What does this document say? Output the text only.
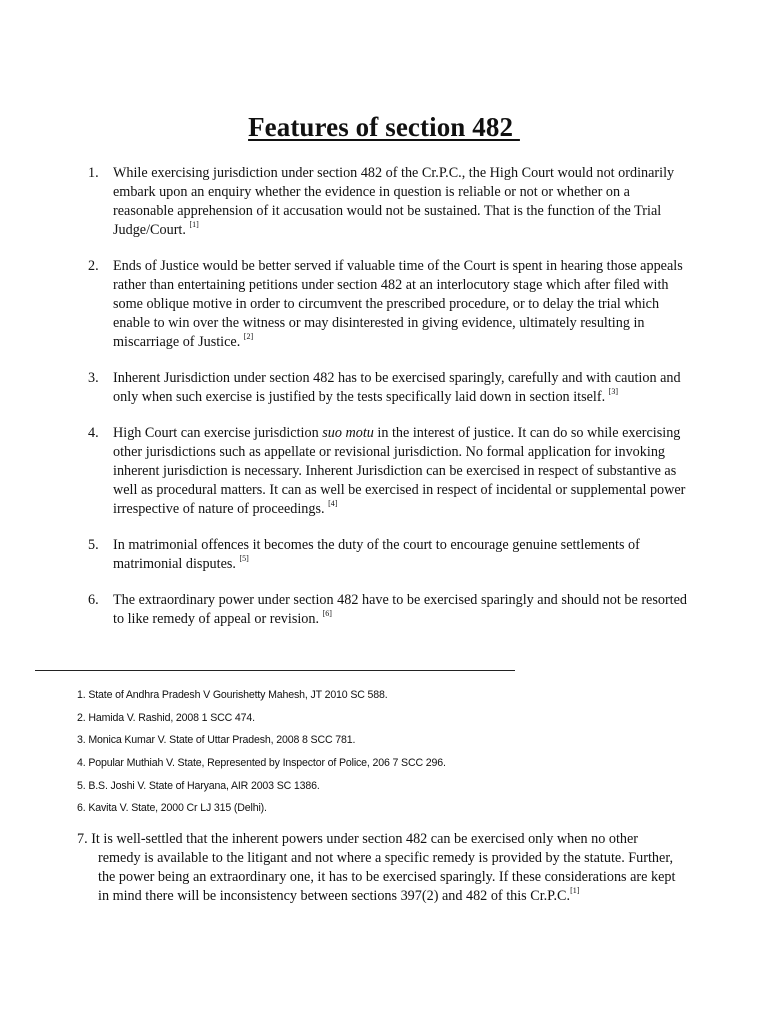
Features of section 482
1. While exercising jurisdiction under section 482 of the Cr.P.C., the High Court would not ordinarily embark upon an enquiry whether the evidence in question is reliable or not or whether on a reasonable apprehension of it accusation would not be sustained. That is the function of the Trial Judge/Court. [1]
2. Ends of Justice would be better served if valuable time of the Court is spent in hearing those appeals rather than entertaining petitions under section 482 at an interlocutory stage which after filed with some oblique motive in order to circumvent the prescribed procedure, or to delay the trial which enable to win over the witness or may disinterested in giving evidence, ultimately resulting in miscarriage of Justice. [2]
3. Inherent Jurisdiction under section 482 has to be exercised sparingly, carefully and with caution and only when such exercise is justified by the tests specifically laid down in section itself. [3]
4. High Court can exercise jurisdiction suo motu in the interest of justice. It can do so while exercising other jurisdictions such as appellate or revisional jurisdiction. No formal application for invoking inherent jurisdiction is necessary. Inherent Jurisdiction can be exercised in respect of substantive as well as procedural matters. It can as well be exercised in respect of incidental or supplemental power irrespective of nature of proceedings. [4]
5. In matrimonial offences it becomes the duty of the court to encourage genuine settlements of matrimonial disputes. [5]
6. The extraordinary power under section 482 have to be exercised sparingly and should not be resorted to like remedy of appeal or revision. [6]
1. State of Andhra Pradesh V Gourishetty Mahesh, JT 2010 SC 588.
2. Hamida V. Rashid, 2008 1 SCC 474.
3. Monica Kumar V. State of Uttar Pradesh, 2008 8 SCC 781.
4. Popular Muthiah V. State, Represented by Inspector of Police, 206 7 SCC 296.
5. B.S. Joshi V. State of Haryana, AIR 2003 SC 1386.
6. Kavita V. State, 2000 Cr LJ 315 (Delhi).
7. It is well-settled that the inherent powers under section 482 can be exercised only when no other
remedy is available to the litigant and not where a specific remedy is provided by the statute. Further, the power being an extraordinary one, it has to be exercised sparingly. If these considerations are kept in mind there will be inconsistency between sections 397(2) and 482 of this Cr.P.C.[1]
